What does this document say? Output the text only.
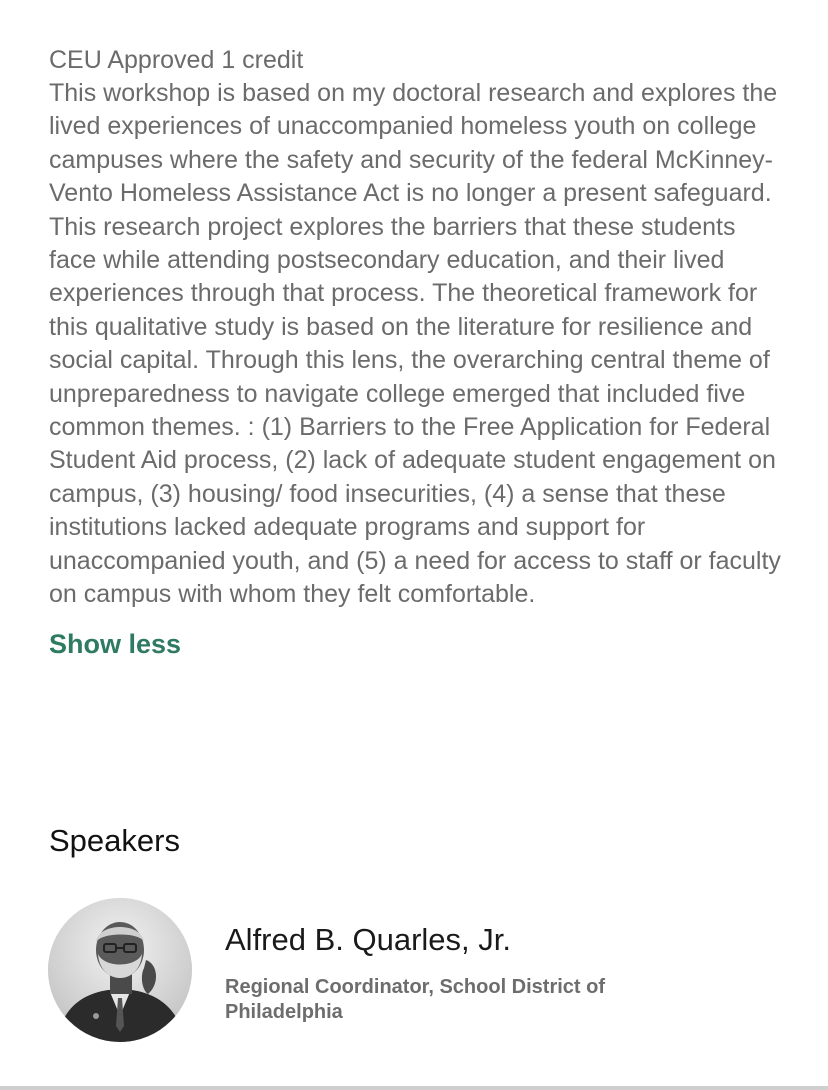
CEU Approved 1 credit

This workshop is based on my doctoral research and explores the lived experiences of unaccompanied homeless youth on college campuses where the safety and security of the federal McKinney-Vento Homeless Assistance Act is no longer a present safeguard. This research project explores the barriers that these students face while attending postsecondary education, and their lived experiences through that process. The theoretical framework for this qualitative study is based on the literature for resilience and social capital. Through this lens, the overarching central theme of unpreparedness to navigate college emerged that included five common themes. : (1) Barriers to the Free Application for Federal Student Aid process, (2) lack of adequate student engagement on campus, (3) housing/ food insecurities, (4) a sense that these institutions lacked adequate programs and support for unaccompanied youth, and (5) a need for access to staff or faculty on campus with whom they felt comfortable.

Show less
Speakers
Alfred B. Quarles, Jr.
Regional Coordinator, School District of Philadelphia
